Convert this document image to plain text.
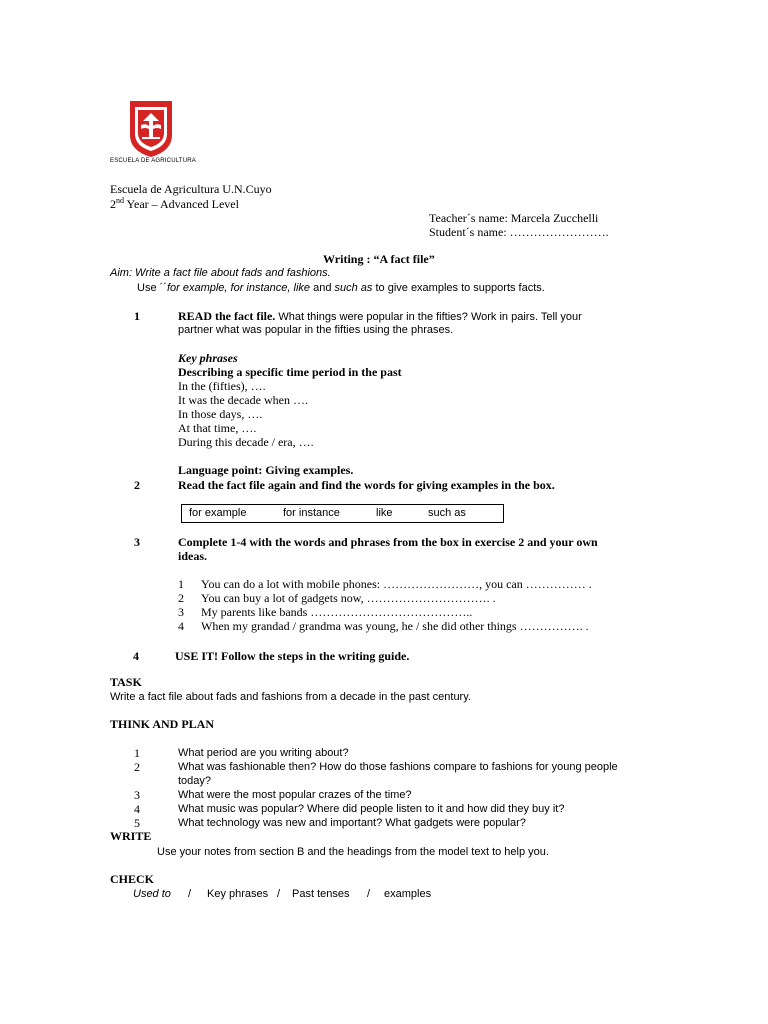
ESCUELA DE AGRICULTURA
Escuela de Agricultura U.N.Cuyo
2nd Year – Advanced Level
Teacher´s name: Marcela Zucchelli
Student´s name: …………………….
Writing : “A fact file”
Aim: Write a fact file about fads and fashions.
Use ´´for example, for instance, like and such as to give examples to supports facts.
1	READ the fact file. What things were popular in the fifties? Work in pairs. Tell your
partner what was popular in the fifties using the phrases.
Key phrases
Describing a specific time period in the past
In the (fifties), ….
It was the decade when ….
In those days, ….
At that time, ….
During this decade / era, ….
Language point: Giving examples.
2	Read the fact file again and find the words for giving examples in the box.
for example	for instance	like	such as
3	Complete 1-4 with the words and phrases from the box in exercise 2 and your own
ideas.
1 You can do a lot with mobile phones: ……………………, you can …………… .
2 You can buy a lot of gadgets now, …………………………. .
3 My parents like bands …………………………………..
4 When my grandad / grandma was young, he / she did other things ……………. .
4	USE IT! Follow the steps in the writing guide.
TASK
Write a fact file about fads and fashions from a decade in the past century.
THINK AND PLAN
1	What period are you writing about?
2	What was fashionable then? How do those fashions compare to fashions for young people
today?
3	What were the most popular crazes of the time?
4	What music was popular? Where did people listen to it and how did they buy it?
5	What technology was new and important? What gadgets were popular?
WRITE
Use your notes from section B and the headings from the model text to help you.
CHECK
Used to / Key phrases / Past tenses / examples
